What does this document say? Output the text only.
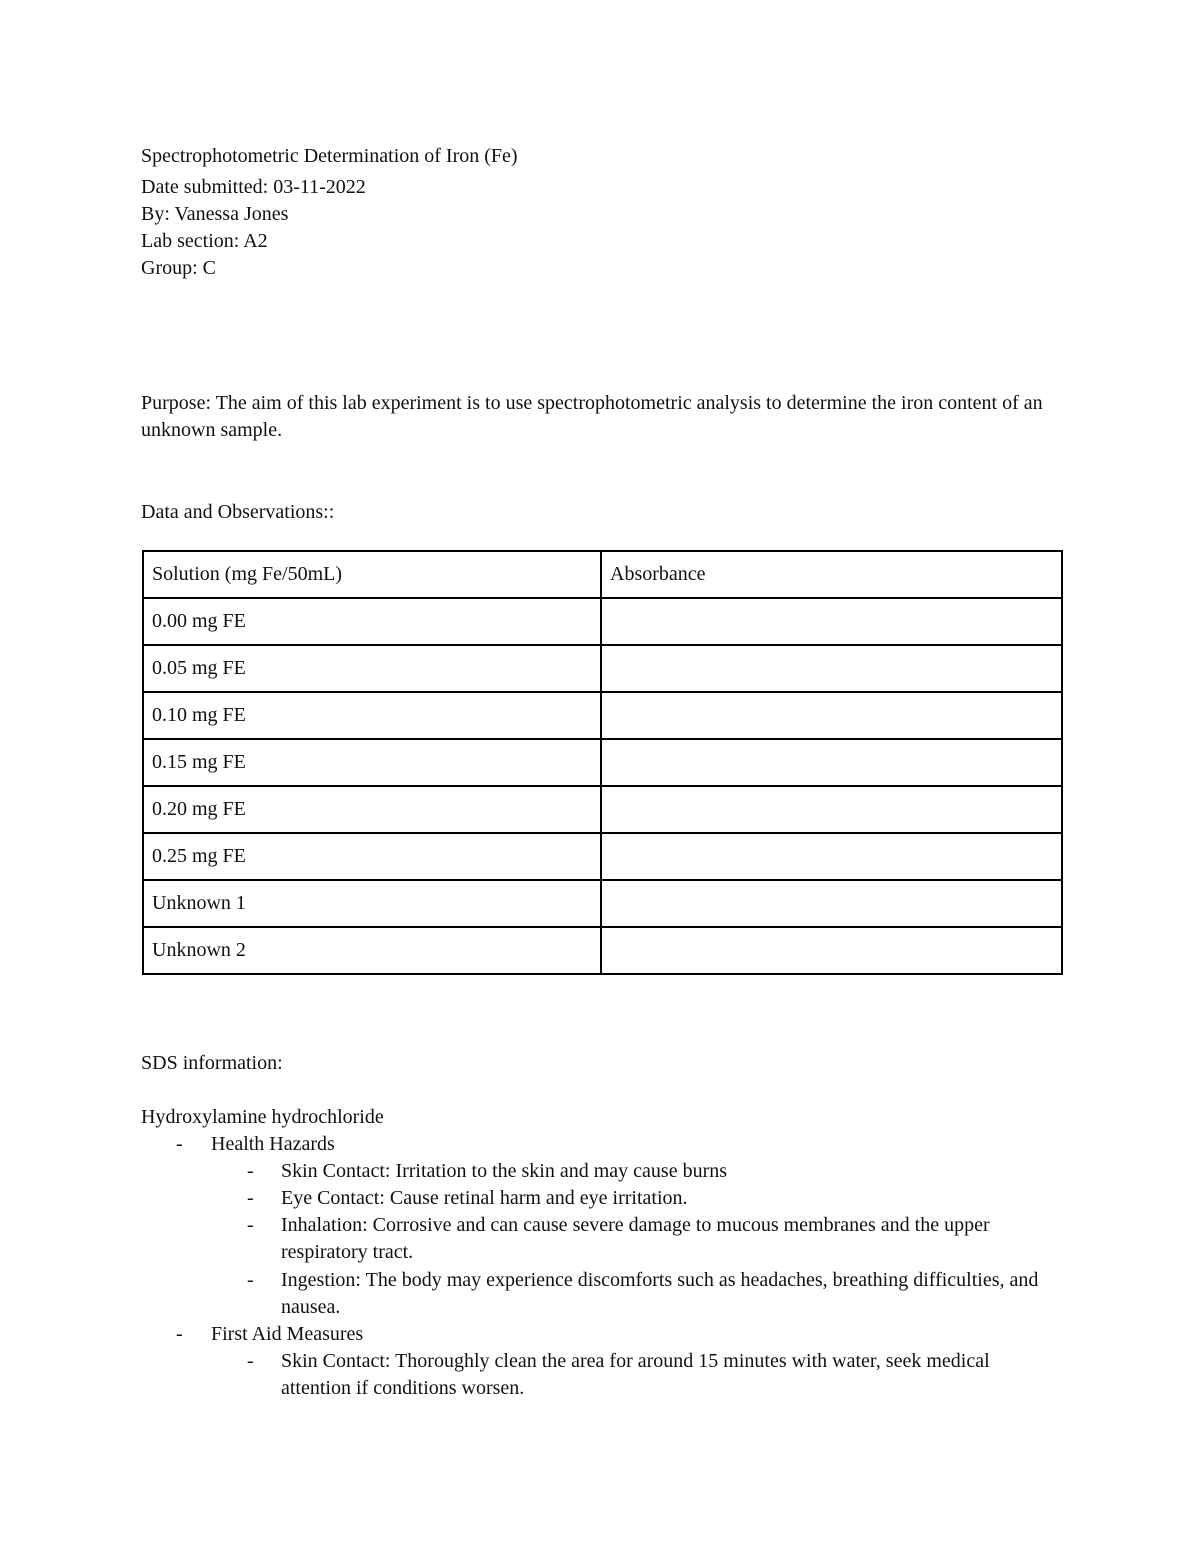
Spectrophotometric Determination of Iron (Fe)
Date submitted: 03-11-2022
By: Vanessa Jones
Lab section: A2
Group: C
Purpose: The aim of this lab experiment is to use spectrophotometric analysis to determine the iron content of an unknown sample.
Data and Observations::
Solution (mg Fe/50mL)	Absorbance
0.00 mg FE	
0.05 mg FE	
0.10 mg FE	
0.15 mg FE	
0.20 mg FE	
0.25 mg FE	
Unknown 1	
Unknown 2	
SDS information:
Hydroxylamine hydrochloride
- Health Hazards
- Skin Contact: Irritation to the skin and may cause burns
- Eye Contact: Cause retinal harm and eye irritation.
- Inhalation: Corrosive and can cause severe damage to mucous membranes and the upper respiratory tract.
- Ingestion: The body may experience discomforts such as headaches, breathing difficulties, and nausea.
- First Aid Measures
- Skin Contact: Thoroughly clean the area for around 15 minutes with water, seek medical attention if conditions worsen.
